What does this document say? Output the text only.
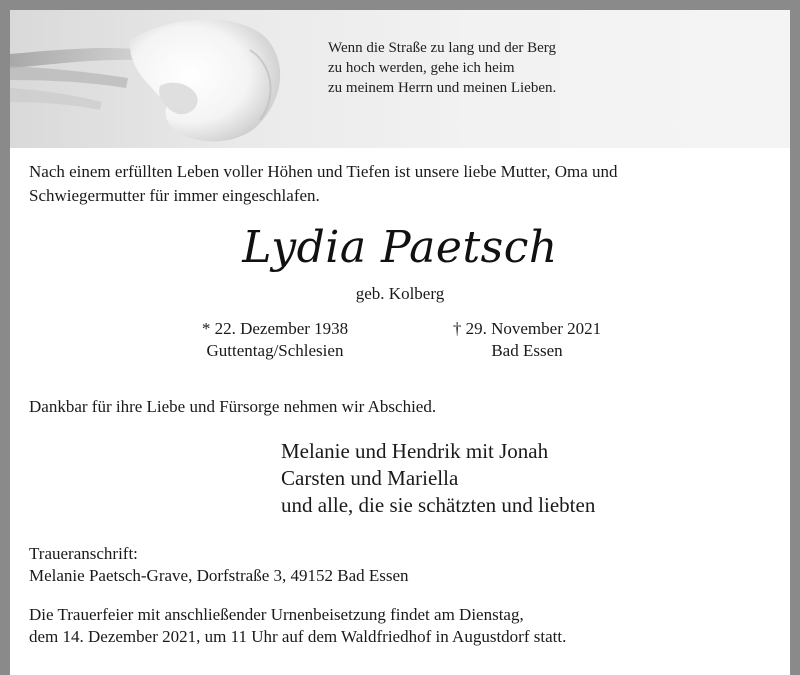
Wenn die Straße zu lang und der Berg
zu hoch werden, gehe ich heim
zu meinem Herrn und meinen Lieben.
Nach einem erfüllten Leben voller Höhen und Tiefen ist unsere liebe Mutter, Oma und
Schwiegermutter für immer eingeschlafen.
Lydia Paetsch
geb. Kolberg
* 22. Dezember 1938
Guttentag/Schlesien
† 29. November 2021
Bad Essen
Dankbar für ihre Liebe und Fürsorge nehmen wir Abschied.
Melanie und Hendrik mit Jonah
Carsten und Mariella
und alle, die sie schätzten und liebten
Traueranschrift:
Melanie Paetsch-Grave, Dorfstraße 3, 49152 Bad Essen
Die Trauerfeier mit anschließender Urnenbeisetzung findet am Dienstag,
dem 14. Dezember 2021, um 11 Uhr auf dem Waldfriedhof in Augustdorf statt.
